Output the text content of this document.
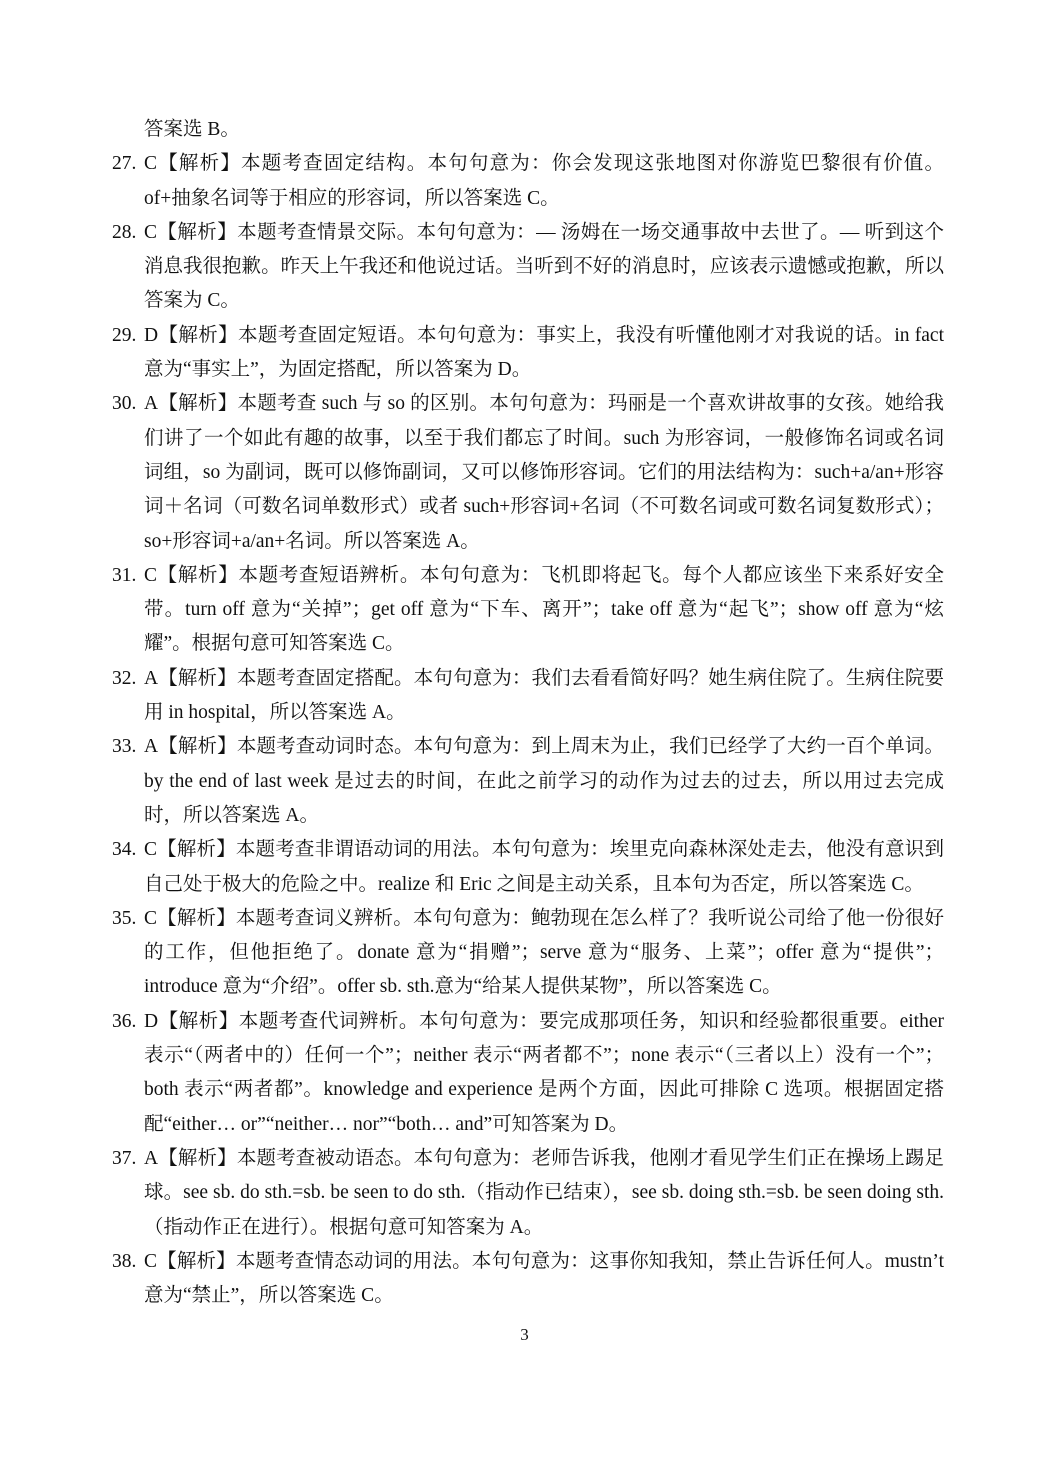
答案选 B。
27. C【解析】本题考查固定结构。本句句意为：你会发现这张地图对你游览巴黎很有价值。of+抽象名词等于相应的形容词，所以答案选 C。
28. C【解析】本题考查情景交际。本句句意为：— 汤姆在一场交通事故中去世了。— 听到这个消息我很抱歉。昨天上午我还和他说过话。当听到不好的消息时，应该表示遗憾或抱歉，所以答案为 C。
29. D【解析】本题考查固定短语。本句句意为：事实上，我没有听懂他刚才对我说的话。in fact 意为“事实上”，为固定搭配，所以答案为 D。
30. A【解析】本题考查 such 与 so 的区别。本句句意为：玛丽是一个喜欢讲故事的女孩。她给我们讲了一个如此有趣的故事，以至于我们都忘了时间。such 为形容词，一般修饰名词或名词词组，so 为副词，既可以修饰副词，又可以修饰形容词。它们的用法结构为：such+a/an+形容词＋名词（可数名词单数形式）或者 such+形容词+名词（不可数名词或可数名词复数形式）；so+形容词+a/an+名词。所以答案选 A。
31. C【解析】本题考查短语辨析。本句句意为：飞机即将起飞。每个人都应该坐下来系好安全带。turn off 意为“关掉”；get off 意为“下车、离开”；take off 意为“起飞”；show off 意为“炫耀”。根据句意可知答案选 C。
32. A【解析】本题考查固定搭配。本句句意为：我们去看看简好吗？她生病住院了。生病住院要用 in hospital，所以答案选 A。
33. A【解析】本题考查动词时态。本句句意为：到上周末为止，我们已经学了大约一百个单词。by the end of last week 是过去的时间，在此之前学习的动作为过去的过去，所以用过去完成时，所以答案选 A。
34. C【解析】本题考查非谓语动词的用法。本句句意为：埃里克向森林深处走去，他没有意识到自己处于极大的危险之中。realize 和 Eric 之间是主动关系，且本句为否定，所以答案选 C。
35. C【解析】本题考查词义辨析。本句句意为：鲍勃现在怎么样了？我听说公司给了他一份很好的工作，但他拒绝了。donate 意为“捐赠”；serve 意为“服务、上菜”；offer 意为“提供”；introduce 意为“介绍”。offer sb. sth.意为“给某人提供某物”，所以答案选 C。
36. D【解析】本题考查代词辨析。本句句意为：要完成那项任务，知识和经验都很重要。either 表示“（两者中的）任何一个”；neither 表示“两者都不”；none 表示“（三者以上）没有一个”；both 表示“两者都”。knowledge and experience 是两个方面，因此可排除 C 选项。根据固定搭配“either… or”“neither… nor”“both… and”可知答案为 D。
37. A【解析】本题考查被动语态。本句句意为：老师告诉我，他刚才看见学生们正在操场上踢足球。see sb. do sth.=sb. be seen to do sth.（指动作已结束），see sb. doing sth.=sb. be seen doing sth.（指动作正在进行）。根据句意可知答案为 A。
38. C【解析】本题考查情态动词的用法。本句句意为：这事你知我知，禁止告诉任何人。mustn’t 意为“禁止”，所以答案选 C。
3
